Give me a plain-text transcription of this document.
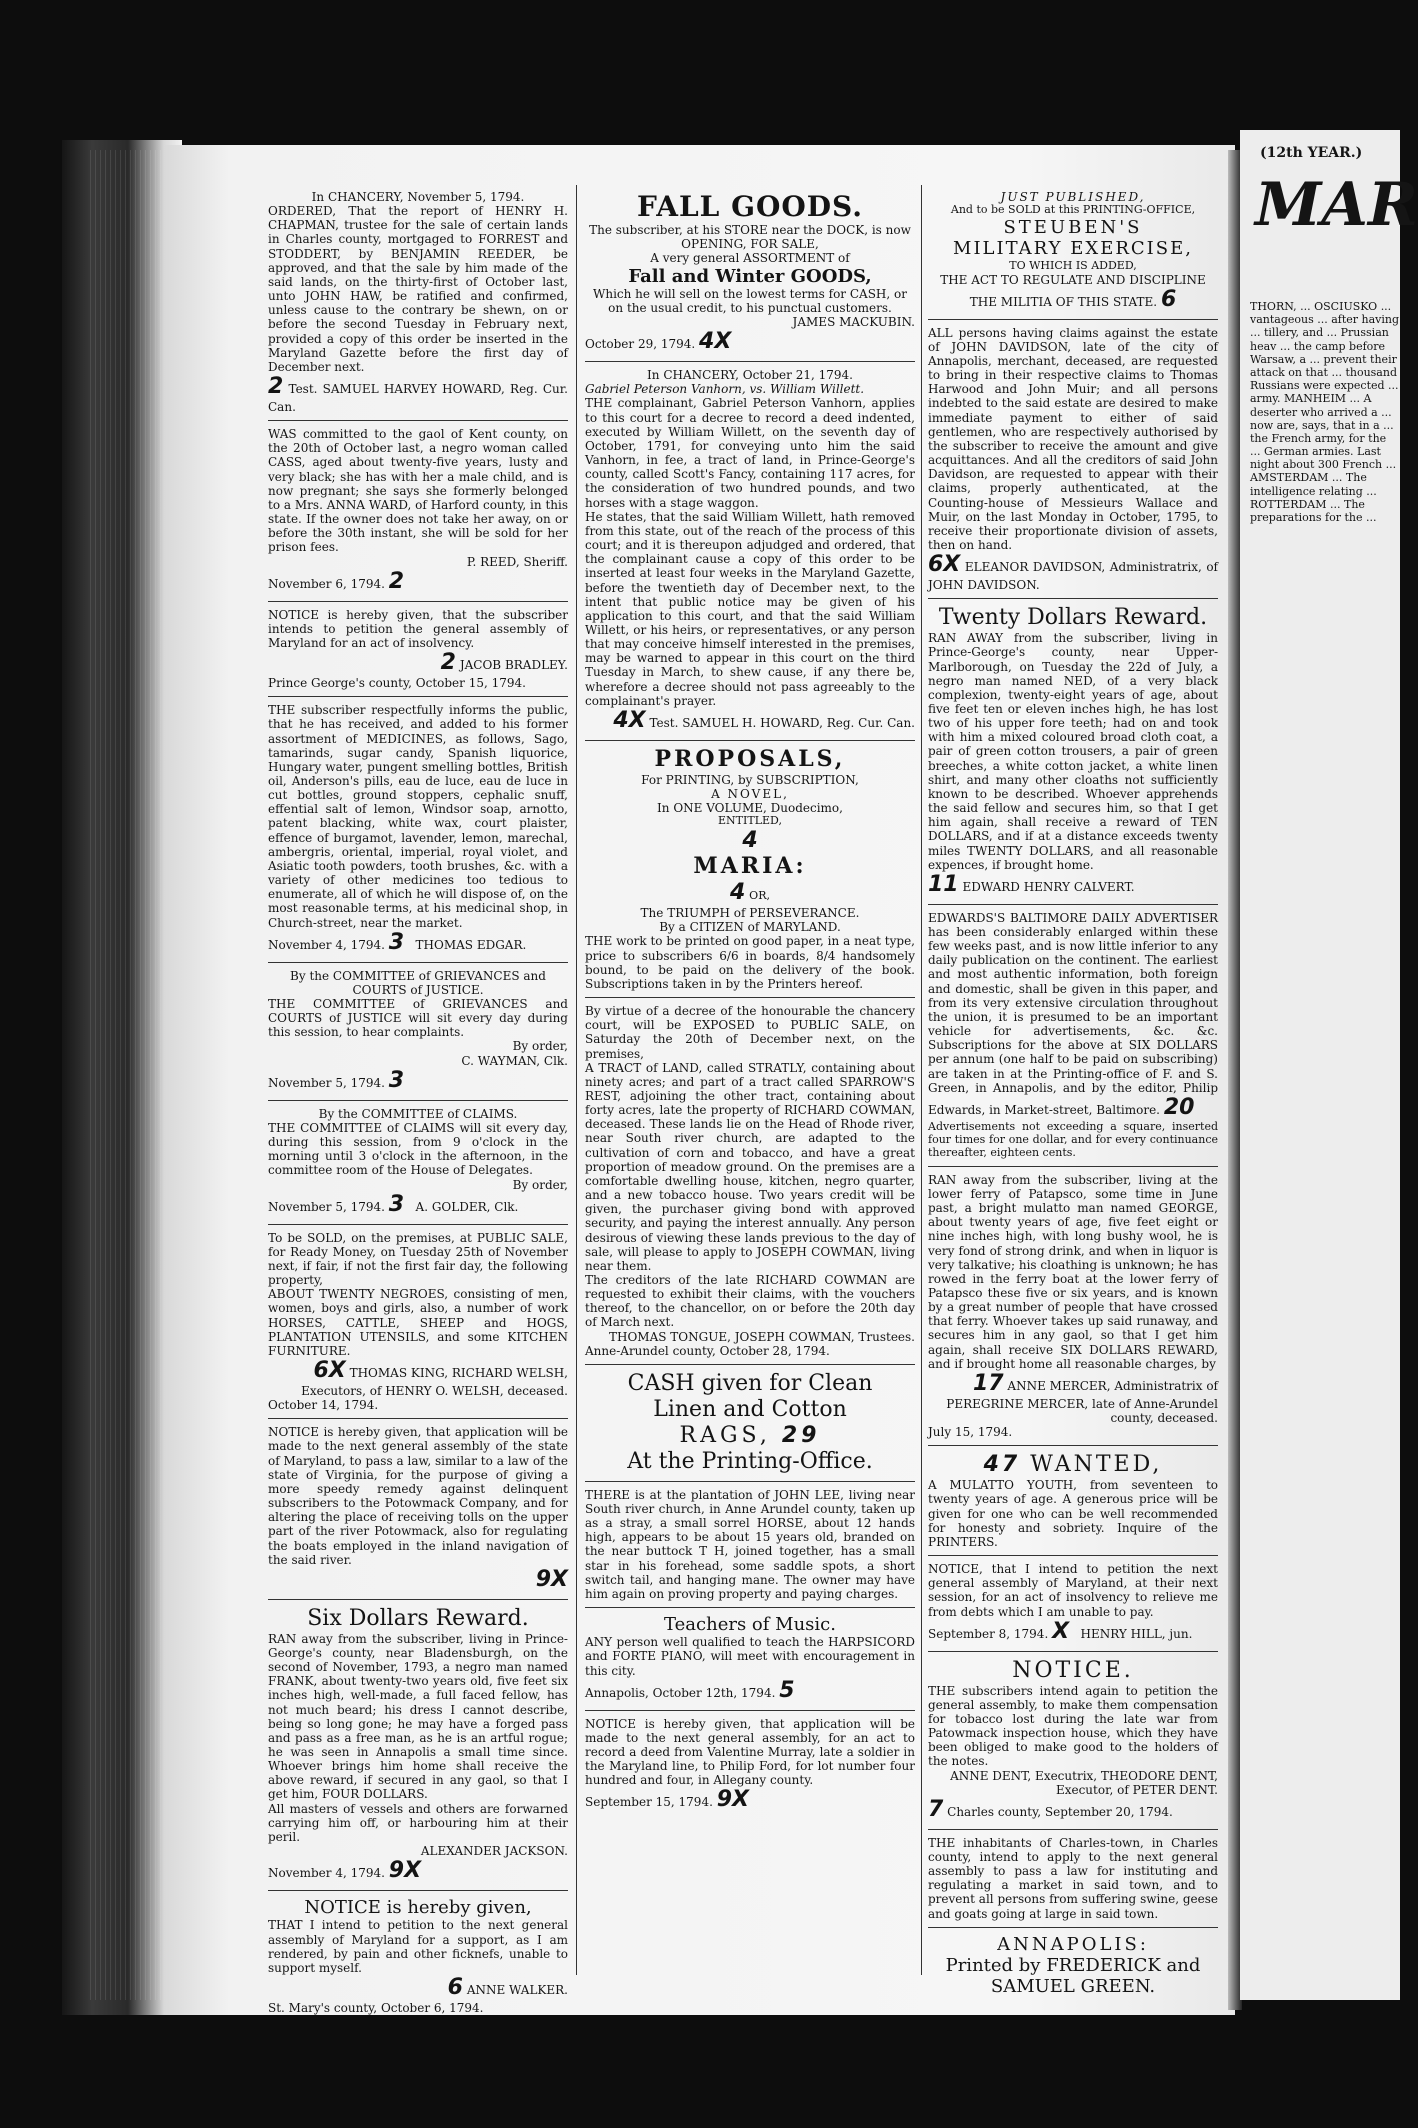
(12th YEAR.)
MAR
THORN, ... OSCIUSKO ... vantageous ... after having ... tillery, and ... Prussian heav ... the camp before Warsaw, a ... prevent their attack on that ... thousand Russians were expected ... army. MANHEIM ... A deserter who arrived a ... now are, says, that in a ... the French army, for the ... German armies. Last night about 300 French ... AMSTERDAM ... The intelligence relating ... ROTTERDAM ... The preparations for the ...

In CHANCERY, November 5, 1794.

ORDERED, That the report of HENRY H. CHAPMAN, trustee for the sale of certain lands in Charles county, mortgaged to FORREST and STODDERT, by BENJAMIN REEDER, be approved, and that the sale by him made of the said lands, on the thirty-first of October last, unto JOHN HAW, be ratified and confirmed, unless cause to the contrary be shewn, on or before the second Tuesday in February next, provided a copy of this order be inserted in the Maryland Gazette before the first day of December next.

2 Test. SAMUEL HARVEY HOWARD, Reg. Cur. Can.

WAS committed to the gaol of Kent county, on the 20th of October last, a negro woman called CASS, aged about twenty-five years, lusty and very black; she has with her a male child, and is now pregnant; she says she formerly belonged to a Mrs. ANNA WARD, of Harford county, in this state. If the owner does not take her away, on or before the 30th instant, she will be sold for her prison fees.

P. REED, Sheriff.

November 6, 1794. 2

NOTICE is hereby given, that the subscriber intends to petition the general assembly of Maryland for an act of insolvency.

2 JACOB BRADLEY.

Prince George's county, October 15, 1794.

THE subscriber respectfully informs the public, that he has received, and added to his former assortment of MEDICINES, as follows, Sago, tamarinds, sugar candy, Spanish liquorice, Hungary water, pungent smelling bottles, British oil, Anderson's pills, eau de luce, eau de luce in cut bottles, ground stoppers, cephalic snuff, effential salt of lemon, Windsor soap, arnotto, patent blacking, white wax, court plaister, effence of burgamot, lavender, lemon, marechal, ambergris, oriental, imperial, royal violet, and Asiatic tooth powders, tooth brushes, &c. with a variety of other medicines too tedious to enumerate, all of which he will dispose of, on the most reasonable terms, at his medicinal shop, in Church-street, near the market.

November 4, 1794. 3 THOMAS EDGAR.

By the COMMITTEE of GRIEVANCES and COURTS of JUSTICE.

THE COMMITTEE of GRIEVANCES and COURTS of JUSTICE will sit every day during this session, to hear complaints.

By order,

C. WAYMAN, Clk.

November 5, 1794. 3

By the COMMITTEE of CLAIMS.

THE COMMITTEE of CLAIMS will sit every day, during this session, from 9 o'clock in the morning until 3 o'clock in the afternoon, in the committee room of the House of Delegates.

By order,

November 5, 1794. 3 A. GOLDER, Clk.

To be SOLD, on the premises, at PUBLIC SALE, for Ready Money, on Tuesday 25th of November next, if fair, if not the first fair day, the following property,

ABOUT TWENTY NEGROES, consisting of men, women, boys and girls, also, a number of work HORSES, CATTLE, SHEEP and HOGS, PLANTATION UTENSILS, and some KITCHEN FURNITURE.

6X THOMAS KING, RICHARD WELSH, Executors, of HENRY O. WELSH, deceased.

October 14, 1794.

NOTICE is hereby given, that application will be made to the next general assembly of the state of Maryland, to pass a law, similar to a law of the state of Virginia, for the purpose of giving a more speedy remedy against delinquent subscribers to the Potowmack Company, and for altering the place of receiving tolls on the upper part of the river Potowmack, also for regulating the boats employed in the inland navigation of the said river.

9X

Six Dollars Reward.

RAN away from the subscriber, living in Prince-George's county, near Bladensburgh, on the second of November, 1793, a negro man named FRANK, about twenty-two years old, five feet six inches high, well-made, a full faced fellow, has not much beard; his dress I cannot describe, being so long gone; he may have a forged pass and pass as a free man, as he is an artful rogue; he was seen in Annapolis a small time since. Whoever brings him home shall receive the above reward, if secured in any gaol, so that I get him, FOUR DOLLARS.

All masters of vessels and others are forwarned carrying him off, or harbouring him at their peril.

ALEXANDER JACKSON.

November 4, 1794. 9X

NOTICE is hereby given,

THAT I intend to petition to the next general assembly of Maryland for a support, as I am rendered, by pain and other ficknefs, unable to support myself.

6 ANNE WALKER.

St. Mary's county, October 6, 1794.

FALL GOODS.

The subscriber, at his STORE near the DOCK, is now OPENING, FOR SALE,

A very general ASSORTMENT of

Fall and Winter GOODS,

Which he will sell on the lowest terms for CASH, or on the usual credit, to his punctual customers.

JAMES MACKUBIN.

October 29, 1794. 4X

In CHANCERY, October 21, 1794.

Gabriel Peterson Vanhorn, vs. William Willett.

THE complainant, Gabriel Peterson Vanhorn, applies to this court for a decree to record a deed indented, executed by William Willett, on the seventh day of October, 1791, for conveying unto him the said Vanhorn, in fee, a tract of land, in Prince-George's county, called Scott's Fancy, containing 117 acres, for the consideration of two hundred pounds, and two horses with a stage waggon.

He states, that the said William Willett, hath removed from this state, out of the reach of the process of this court; and it is thereupon adjudged and ordered, that the complainant cause a copy of this order to be inserted at least four weeks in the Maryland Gazette, before the twentieth day of December next, to the intent that public notice may be given of his application to this court, and that the said William Willett, or his heirs, or representatives, or any person that may conceive himself interested in the premises, may be warned to appear in this court on the third Tuesday in March, to shew cause, if any there be, wherefore a decree should not pass agreeably to the complainant's prayer.

4X Test. SAMUEL H. HOWARD, Reg. Cur. Can.

PROPOSALS,

For PRINTING, by SUBSCRIPTION,

A NOVEL,

In ONE VOLUME, Duodecimo,

ENTITLED,

4

MARIA:

4 OR,

The TRIUMPH of PERSEVERANCE.

By a CITIZEN of MARYLAND.

THE work to be printed on good paper, in a neat type, price to subscribers 6/6 in boards, 8/4 handsomely bound, to be paid on the delivery of the book. Subscriptions taken in by the Printers hereof.

By virtue of a decree of the honourable the chancery court, will be EXPOSED to PUBLIC SALE, on Saturday the 20th of December next, on the premises,

A TRACT of LAND, called STRATLY, containing about ninety acres; and part of a tract called SPARROW'S REST, adjoining the other tract, containing about forty acres, late the property of RICHARD COWMAN, deceased. These lands lie on the Head of Rhode river, near South river church, are adapted to the cultivation of corn and tobacco, and have a great proportion of meadow ground. On the premises are a comfortable dwelling house, kitchen, negro quarter, and a new tobacco house. Two years credit will be given, the purchaser giving bond with approved security, and paying the interest annually. Any person desirous of viewing these lands previous to the day of sale, will please to apply to JOSEPH COWMAN, living near them.

The creditors of the late RICHARD COWMAN are requested to exhibit their claims, with the vouchers thereof, to the chancellor, on or before the 20th day of March next.

THOMAS TONGUE, JOSEPH COWMAN, Trustees.

Anne-Arundel county, October 28, 1794.

CASH given for Clean

Linen and Cotton

RAGS, 29

At the Printing-Office.

THERE is at the plantation of JOHN LEE, living near South river church, in Anne Arundel county, taken up as a stray, a small sorrel HORSE, about 12 hands high, appears to be about 15 years old, branded on the near buttock T H, joined together, has a small star in his forehead, some saddle spots, a short switch tail, and hanging mane. The owner may have him again on proving property and paying charges.

Teachers of Music.

ANY person well qualified to teach the HARPSICORD and FORTE PIANO, will meet with encouragement in this city.

Annapolis, October 12th, 1794. 5

NOTICE is hereby given, that application will be made to the next general assembly, for an act to record a deed from Valentine Murray, late a soldier in the Maryland line, to Philip Ford, for lot number four hundred and four, in Allegany county.

September 15, 1794. 9X

JUST PUBLISHED,

And to be SOLD at this PRINTING-OFFICE,

STEUBEN'S

MILITARY EXERCISE,

TO WHICH IS ADDED,

THE ACT TO REGULATE AND DISCIPLINE THE MILITIA OF THIS STATE. 6

ALL persons having claims against the estate of JOHN DAVIDSON, late of the city of Annapolis, merchant, deceased, are requested to bring in their respective claims to Thomas Harwood and John Muir; and all persons indebted to the said estate are desired to make immediate payment to either of said gentlemen, who are respectively authorised by the subscriber to receive the amount and give acquittances. And all the creditors of said John Davidson, are requested to appear with their claims, properly authenticated, at the Counting-house of Messieurs Wallace and Muir, on the last Monday in October, 1795, to receive their proportionate division of assets, then on hand.

6X ELEANOR DAVIDSON, Administratrix, of JOHN DAVIDSON.

Twenty Dollars Reward.

RAN AWAY from the subscriber, living in Prince-George's county, near Upper-Marlborough, on Tuesday the 22d of July, a negro man named NED, of a very black complexion, twenty-eight years of age, about five feet ten or eleven inches high, he has lost two of his upper fore teeth; had on and took with him a mixed coloured broad cloth coat, a pair of green cotton trousers, a pair of green breeches, a white cotton jacket, a white linen shirt, and many other cloaths not sufficiently known to be described. Whoever apprehends the said fellow and secures him, so that I get him again, shall receive a reward of TEN DOLLARS, and if at a distance exceeds twenty miles TWENTY DOLLARS, and all reasonable expences, if brought home.

11 EDWARD HENRY CALVERT.

EDWARDS'S BALTIMORE DAILY ADVERTISER has been considerably enlarged within these few weeks past, and is now little inferior to any daily publication on the continent. The earliest and most authentic information, both foreign and domestic, shall be given in this paper, and from its very extensive circulation throughout the union, it is presumed to be an important vehicle for advertisements, &c. &c. Subscriptions for the above at SIX DOLLARS per annum (one half to be paid on subscribing) are taken in at the Printing-office of F. and S. Green, in Annapolis, and by the editor, Philip Edwards, in Market-street, Baltimore. 20

Advertisements not exceeding a square, inserted four times for one dollar, and for every continuance thereafter, eighteen cents.

RAN away from the subscriber, living at the lower ferry of Patapsco, some time in June past, a bright mulatto man named GEORGE, about twenty years of age, five feet eight or nine inches high, with long bushy wool, he is very fond of strong drink, and when in liquor is very talkative; his cloathing is unknown; he has rowed in the ferry boat at the lower ferry of Patapsco these five or six years, and is known by a great number of people that have crossed that ferry. Whoever takes up said runaway, and secures him in any gaol, so that I get him again, shall receive SIX DOLLARS REWARD, and if brought home all reasonable charges, by

17 ANNE MERCER, Administratrix of PEREGRINE MERCER, late of Anne-Arundel county, deceased.

July 15, 1794.

47 WANTED,

A MULATTO YOUTH, from seventeen to twenty years of age. A generous price will be given for one who can be well recommended for honesty and sobriety. Inquire of the PRINTERS.

NOTICE, that I intend to petition the next general assembly of Maryland, at their next session, for an act of insolvency to relieve me from debts which I am unable to pay.

September 8, 1794. X HENRY HILL, jun.

NOTICE.

THE subscribers intend again to petition the general assembly, to make them compensation for tobacco lost during the late war from Patowmack inspection house, which they have been obliged to make good to the holders of the notes.

ANNE DENT, Executrix, THEODORE DENT, Executor, of PETER DENT.

7 Charles county, September 20, 1794.

THE inhabitants of Charles-town, in Charles county, intend to apply to the next general assembly to pass a law for instituting and regulating a market in said town, and to prevent all persons from suffering swine, geese and goats going at large in said town.

ANNAPOLIS:

Printed by FREDERICK and SAMUEL GREEN.
